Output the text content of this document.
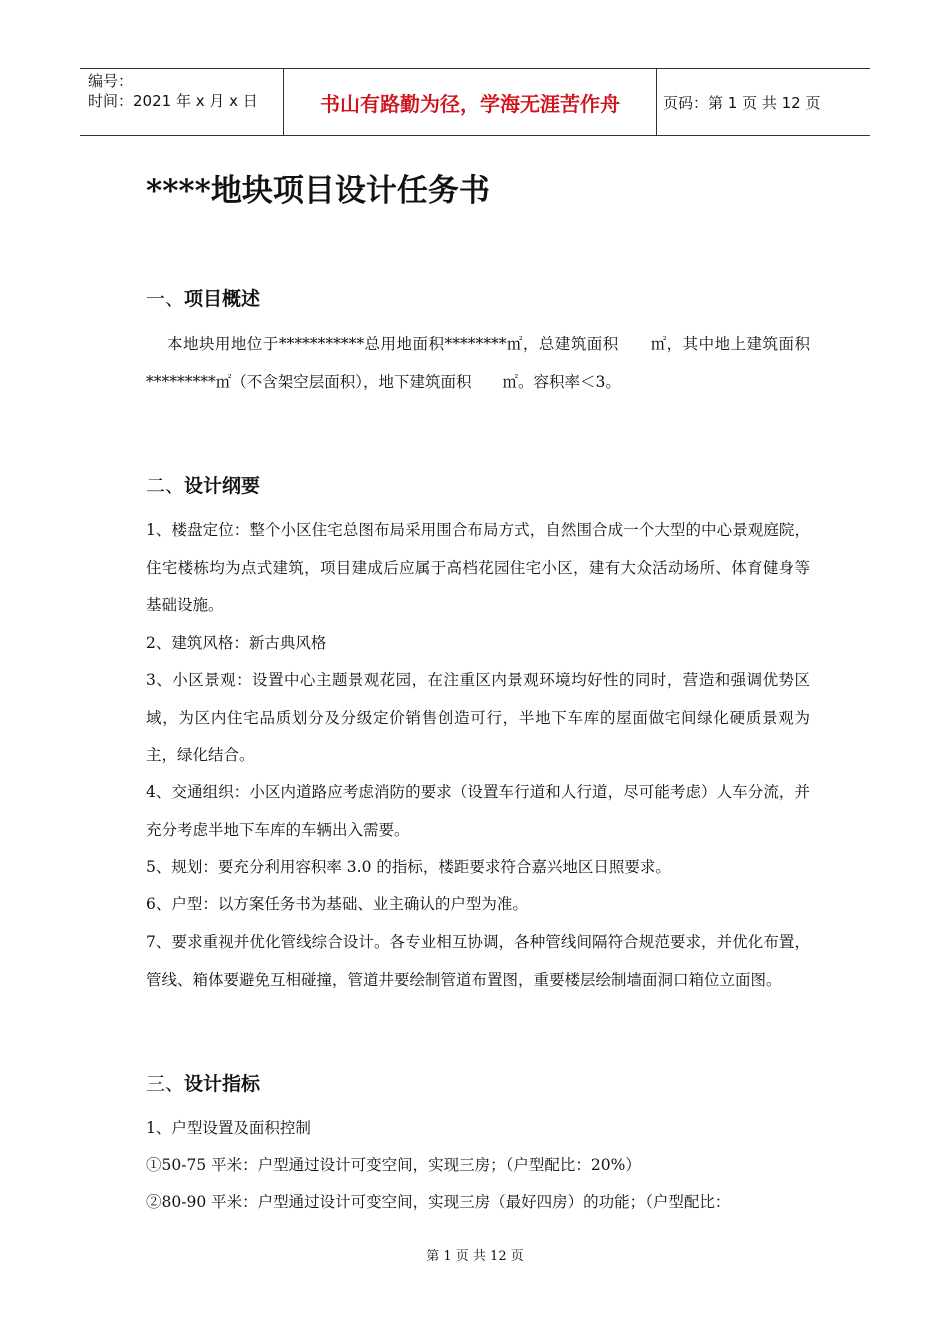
编号：
时间：2021 年 x 月 x 日	书山有路勤为径，学海无涯苦作舟	页码：第 1 页 共 12 页
****地块项目设计任务书
一、项目概述
本地块用地位于***********总用地面积********㎡，总建筑面积　　㎡，其中地上建筑面积*********㎡（不含架空层面积），地下建筑面积　　㎡。容积率＜3。
二、设计纲要
1、楼盘定位：整个小区住宅总图布局采用围合布局方式，自然围合成一个大型的中心景观庭院，住宅楼栋均为点式建筑，项目建成后应属于高档花园住宅小区，建有大众活动场所、体育健身等基础设施。
2、建筑风格：新古典风格
3、小区景观：设置中心主题景观花园，在注重区内景观环境均好性的同时，营造和强调优势区域，为区内住宅品质划分及分级定价销售创造可行，半地下车库的屋面做宅间绿化硬质景观为主，绿化结合。
4、交通组织：小区内道路应考虑消防的要求（设置车行道和人行道，尽可能考虑）人车分流，并充分考虑半地下车库的车辆出入需要。
5、规划：要充分利用容积率 3.0 的指标，楼距要求符合嘉兴地区日照要求。
6、户型：以方案任务书为基础、业主确认的户型为准。
7、要求重视并优化管线综合设计。各专业相互协调，各种管线间隔符合规范要求，并优化布置，管线、箱体要避免互相碰撞，管道井要绘制管道布置图，重要楼层绘制墙面洞口箱位立面图。
三、设计指标
1、户型设置及面积控制
①50-75 平米：户型通过设计可变空间，实现三房；（户型配比：20%）
②80-90 平米：户型通过设计可变空间，实现三房（最好四房）的功能；（户型配比：
第 1 页 共 12 页
